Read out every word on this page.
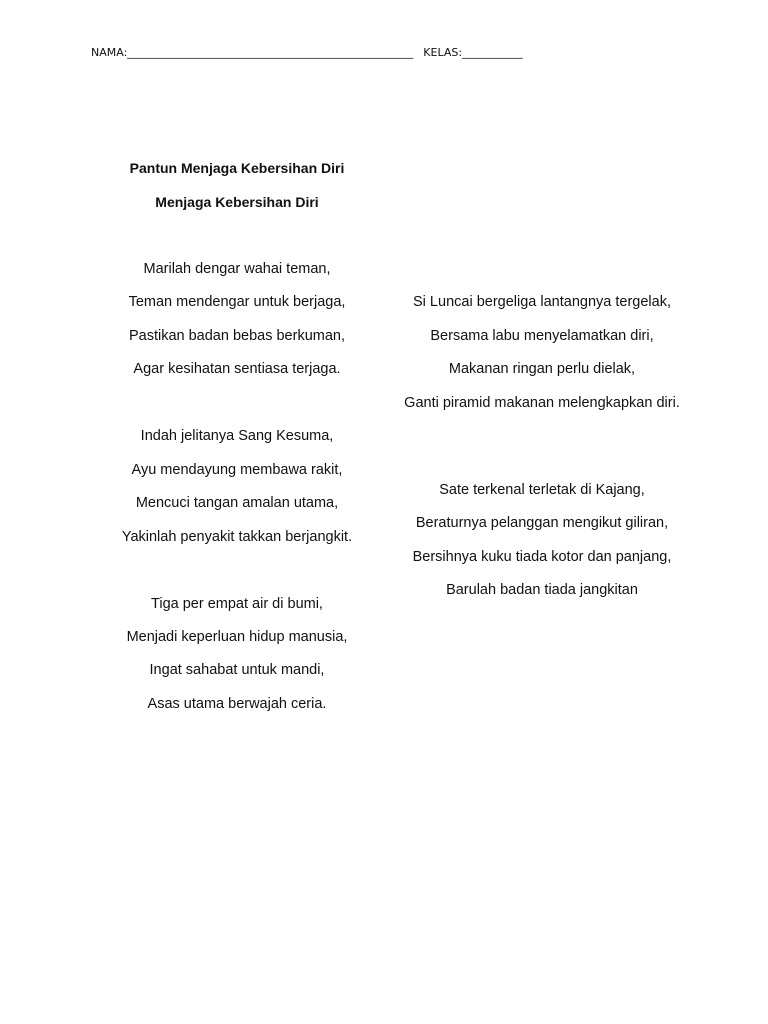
NAMA:____________________________________________________ KELAS:___________
Pantun Menjaga Kebersihan Diri
Menjaga Kebersihan Diri
Marilah dengar wahai teman,
Teman mendengar untuk berjaga,
Pastikan badan bebas berkuman,
Agar kesihatan sentiasa terjaga.
Indah jelitanya Sang Kesuma,
Ayu mendayung membawa rakit,
Mencuci tangan amalan utama,
Yakinlah penyakit takkan berjangkit.
Tiga per empat air di bumi,
Menjadi keperluan hidup manusia,
Ingat sahabat untuk mandi,
Asas utama berwajah ceria.
Si Luncai bergeliga lantangnya tergelak,
Bersama labu menyelamatkan diri,
Makanan ringan perlu dielak,
Ganti piramid makanan melengkapkan diri.
Sate terkenal terletak di Kajang,
Beraturnya pelanggan mengikut giliran,
Bersihnya kuku tiada kotor dan panjang,
Barulah badan tiada jangkitan
